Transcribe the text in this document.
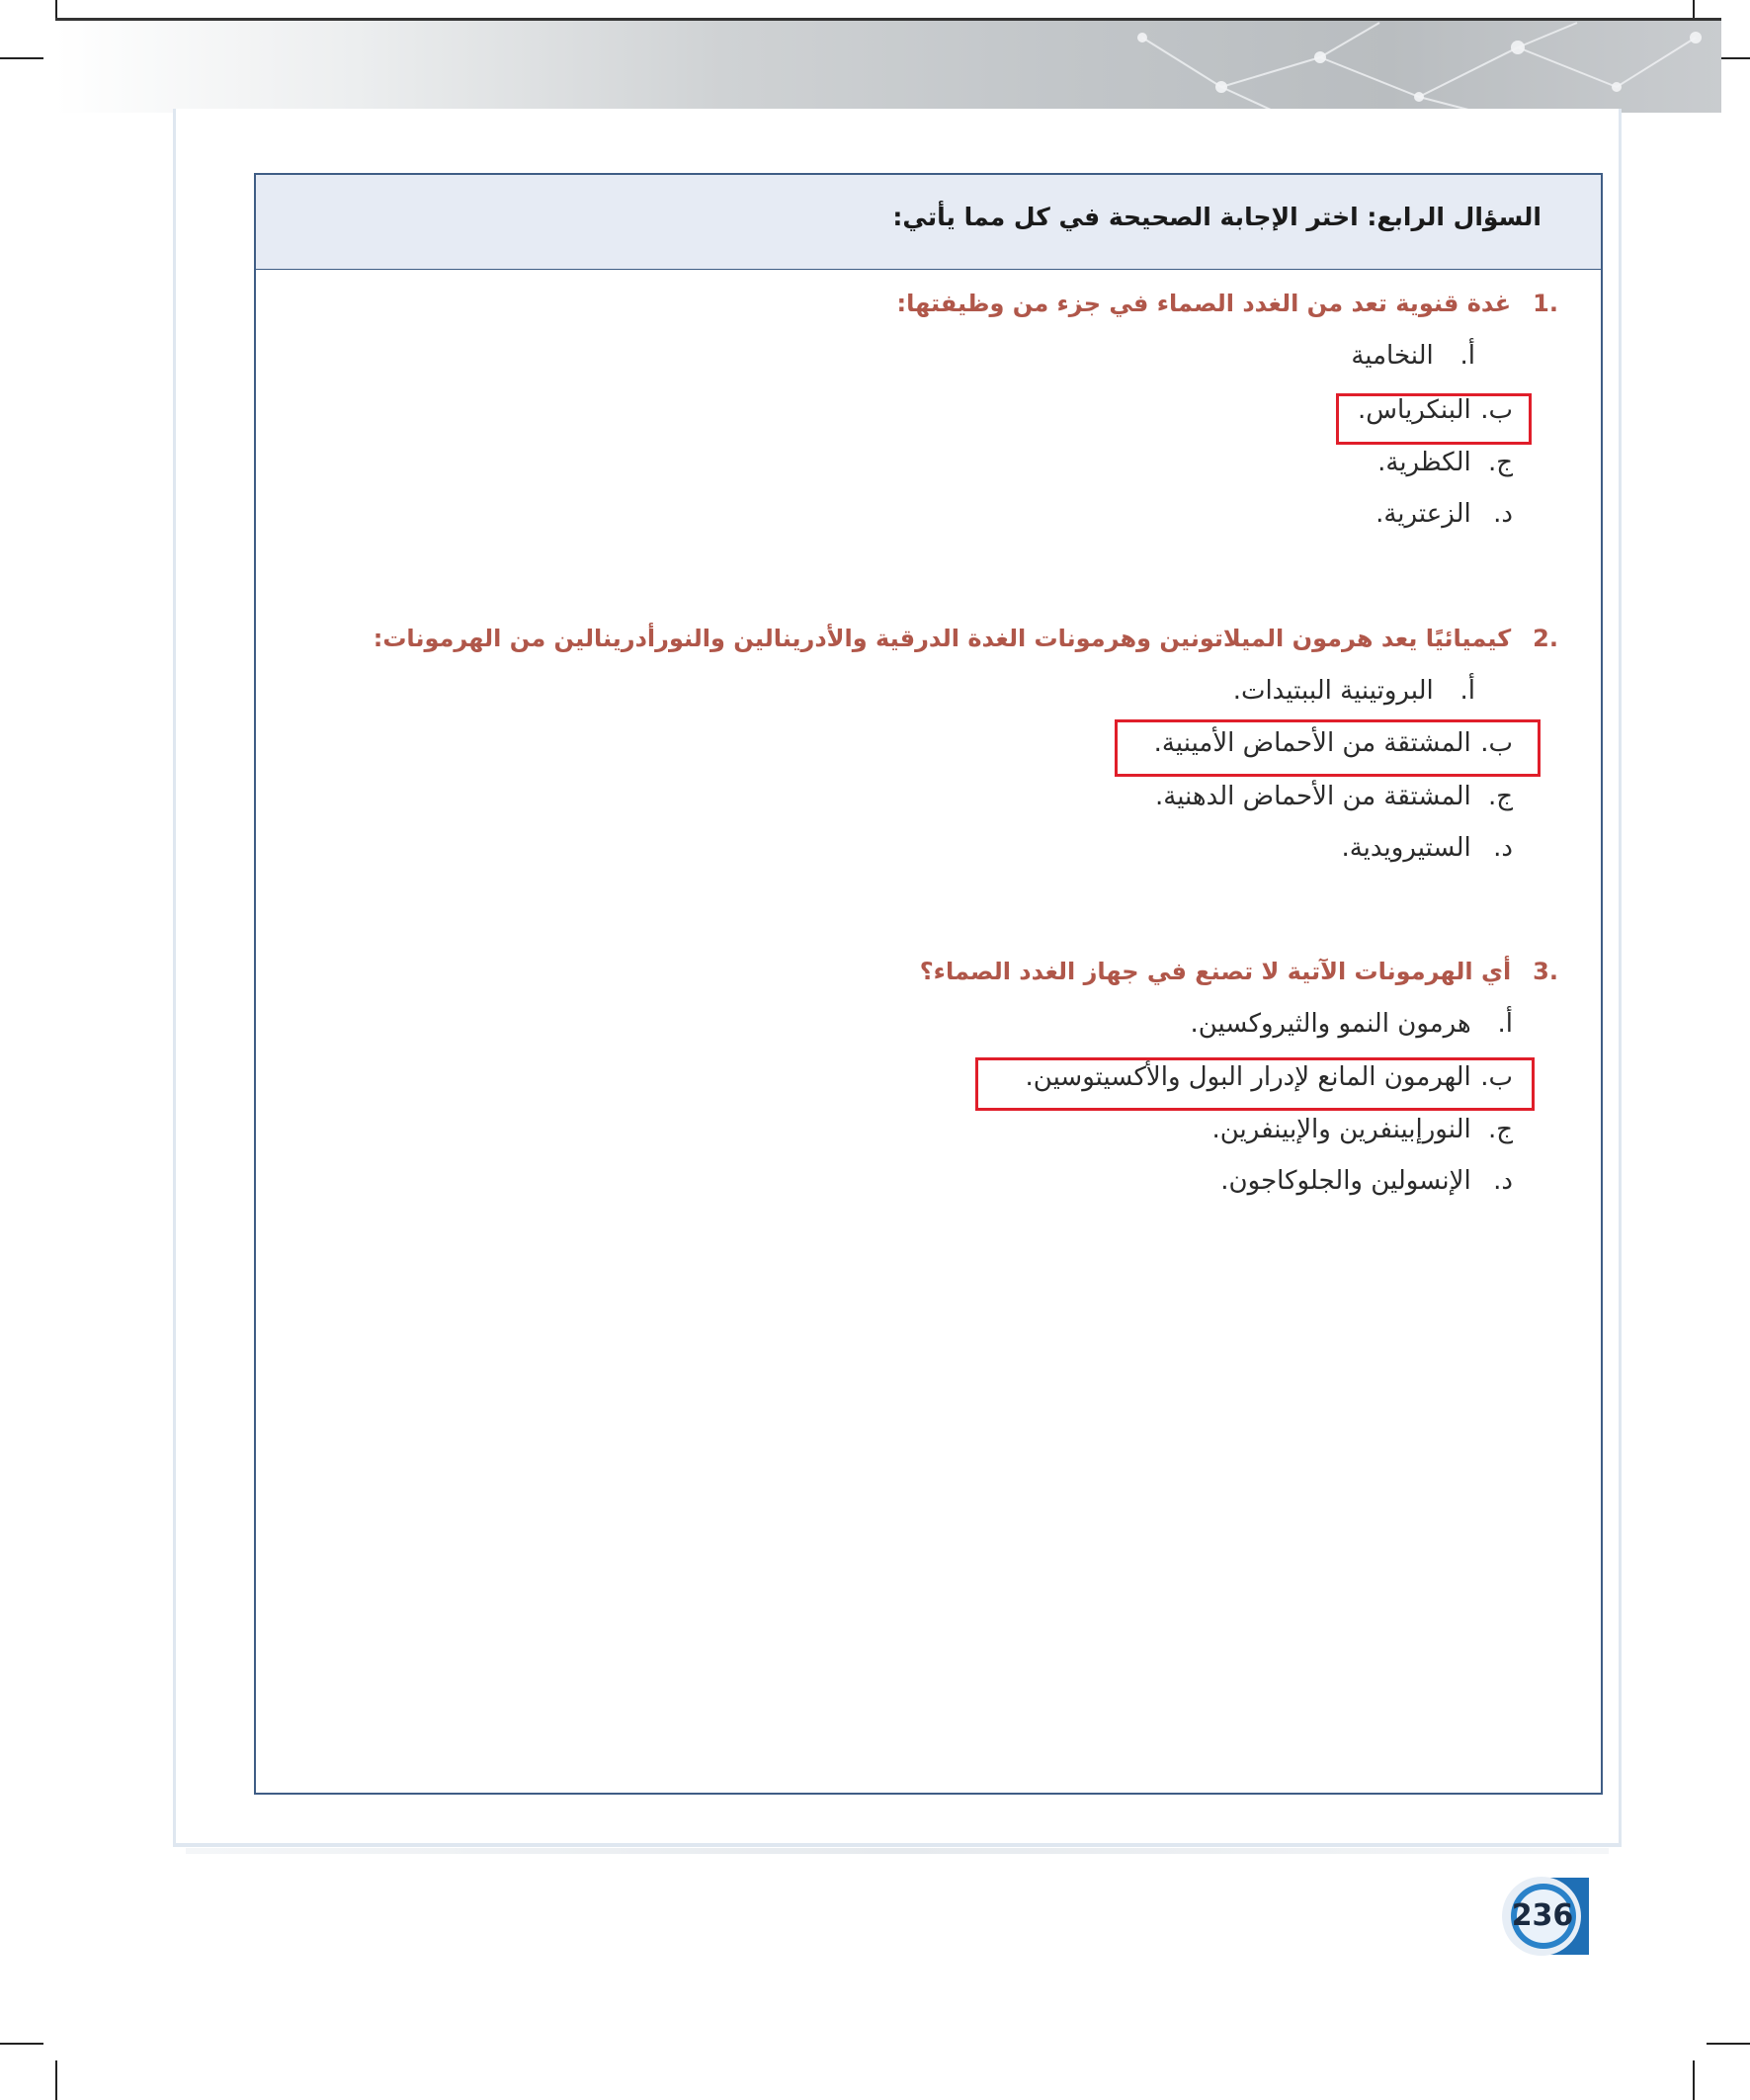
السؤال الرابع: اختر الإجابة الصحيحة في كل مما يأتي:
.1غدة قنوية تعد من الغدد الصماء في جزء من وظيفتها:
أ. النخامية
ب. البنكرياس.
ج. الكظرية.
د. الزعترية.
.2كيميائيًا يعد هرمون الميلاتونين وهرمونات الغدة الدرقية والأدرينالين والنورأدرينالين من الهرمونات:
أ. البروتينية الببتيدات.
ب. المشتقة من الأحماض الأمينية.
ج. المشتقة من الأحماض الدهنية.
د. الستيرويدية.
.3أي الهرمونات الآتية لا تصنع في جهاز الغدد الصماء؟
أ. هرمون النمو والثيروكسين.
ب. الهرمون المانع لإدرار البول والأكسيتوسين.
ج. النورإبينفرين والإبينفرين.
د. الإنسولين والجلوكاجون.
236
